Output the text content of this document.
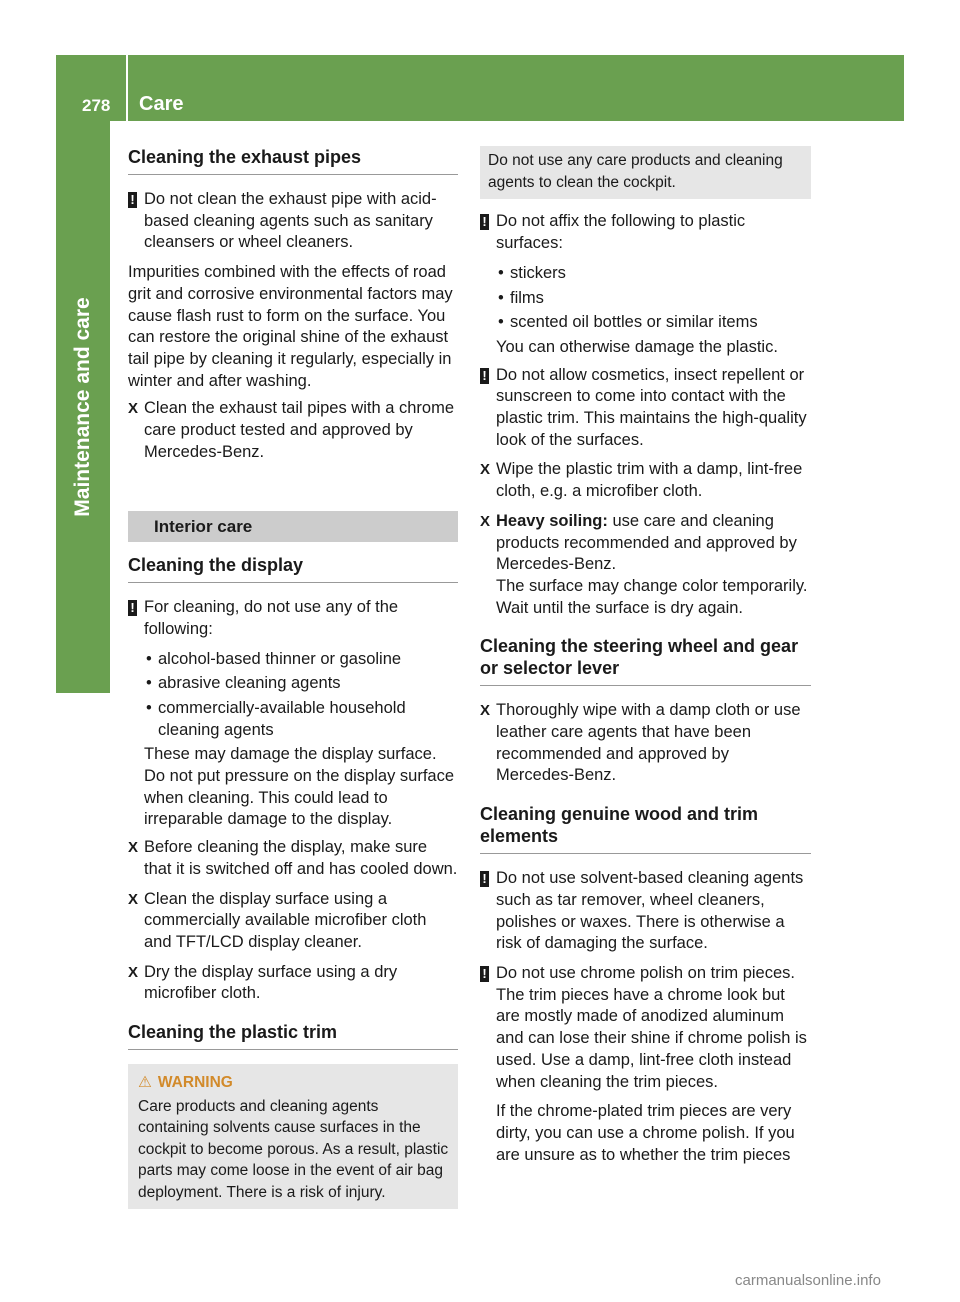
278 Care
Maintenance and care
Cleaning the exhaust pipes
! Do not clean the exhaust pipe with acid-based cleaning agents such as sanitary cleansers or wheel cleaners.

Impurities combined with the effects of road grit and corrosive environmental factors may cause flash rust to form on the surface. You can restore the original shine of the exhaust tail pipe by cleaning it regularly, especially in winter and after washing.

X Clean the exhaust tail pipes with a chrome care product tested and approved by Mercedes-Benz.
Interior care
Cleaning the display
! For cleaning, do not use any of the following:
• alcohol-based thinner or gasoline
• abrasive cleaning agents
• commercially-available household cleaning agents

These may damage the display surface. Do not put pressure on the display surface when cleaning. This could lead to irreparable damage to the display.

X Before cleaning the display, make sure that it is switched off and has cooled down.
X Clean the display surface using a commercially available microfiber cloth and TFT/LCD display cleaner.
X Dry the display surface using a dry microfiber cloth.
Cleaning the plastic trim
⚠ WARNING
Care products and cleaning agents containing solvents cause surfaces in the cockpit to become porous. As a result, plastic parts may come loose in the event of air bag deployment. There is a risk of injury.
Do not use any care products and cleaning agents to clean the cockpit.
! Do not affix the following to plastic surfaces:
• stickers
• films
• scented oil bottles or similar items

You can otherwise damage the plastic.

! Do not allow cosmetics, insect repellent or sunscreen to come into contact with the plastic trim. This maintains the high-quality look of the surfaces.
X Wipe the plastic trim with a damp, lint-free cloth, e.g. a microfiber cloth.
X Heavy soiling: use care and cleaning products recommended and approved by Mercedes-Benz.
The surface may change color temporarily. Wait until the surface is dry again.
Cleaning the steering wheel and gear or selector lever
X Thoroughly wipe with a damp cloth or use leather care agents that have been recommended and approved by Mercedes-Benz.
Cleaning genuine wood and trim elements
! Do not use solvent-based cleaning agents such as tar remover, wheel cleaners, polishes or waxes. There is otherwise a risk of damaging the surface.
! Do not use chrome polish on trim pieces. The trim pieces have a chrome look but are mostly made of anodized aluminum and can lose their shine if chrome polish is used. Use a damp, lint-free cloth instead when cleaning the trim pieces.

If the chrome-plated trim pieces are very dirty, you can use a chrome polish. If you are unsure as to whether the trim pieces

carmanualsonline.info
